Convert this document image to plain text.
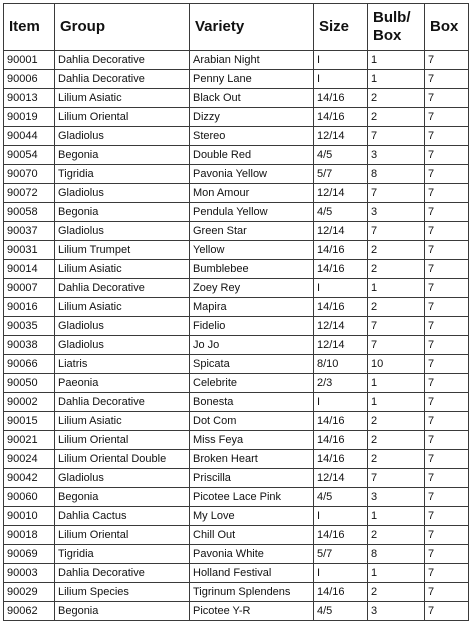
Item	Group	Variety	Size	Bulb/ Box	Box
90001	Dahlia Decorative	Arabian Night	I	1	7
90006	Dahlia Decorative	Penny Lane	I	1	7
90013	Lilium Asiatic	Black Out	14/16	2	7
90019	Lilium Oriental	Dizzy	14/16	2	7
90044	Gladiolus	Stereo	12/14	7	7
90054	Begonia	Double Red	4/5	3	7
90070	Tigridia	Pavonia Yellow	5/7	8	7
90072	Gladiolus	Mon Amour	12/14	7	7
90058	Begonia	Pendula Yellow	4/5	3	7
90037	Gladiolus	Green Star	12/14	7	7
90031	Lilium Trumpet	Yellow	14/16	2	7
90014	Lilium Asiatic	Bumblebee	14/16	2	7
90007	Dahlia Decorative	Zoey Rey	I	1	7
90016	Lilium Asiatic	Mapira	14/16	2	7
90035	Gladiolus	Fidelio	12/14	7	7
90038	Gladiolus	Jo Jo	12/14	7	7
90066	Liatris	Spicata	8/10	10	7
90050	Paeonia	Celebrite	2/3	1	7
90002	Dahlia Decorative	Bonesta	I	1	7
90015	Lilium Asiatic	Dot Com	14/16	2	7
90021	Lilium Oriental	Miss Feya	14/16	2	7
90024	Lilium Oriental Double	Broken Heart	14/16	2	7
90042	Gladiolus	Priscilla	12/14	7	7
90060	Begonia	Picotee Lace Pink	4/5	3	7
90010	Dahlia Cactus	My Love	I	1	7
90018	Lilium Oriental	Chill Out	14/16	2	7
90069	Tigridia	Pavonia White	5/7	8	7
90003	Dahlia Decorative	Holland Festival	I	1	7
90029	Lilium Species	Tigrinum Splendens	14/16	2	7
90062	Begonia	Picotee Y-R	4/5	3	7
